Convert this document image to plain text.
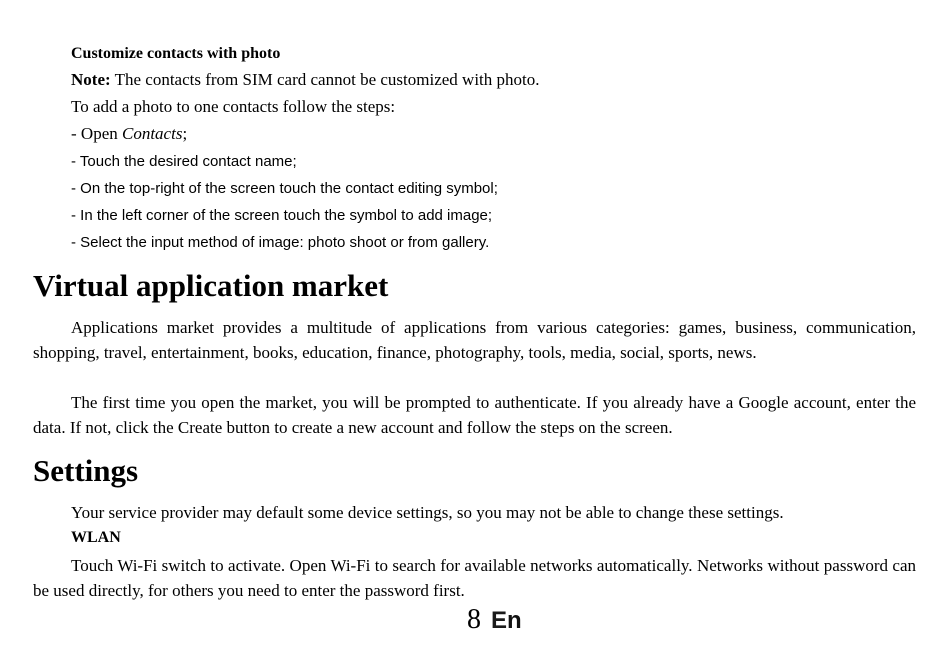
Customize contacts with photo
Note: The contacts from SIM card cannot be customized with photo.
To add a photo to one contacts follow the steps:
- Open Contacts;
- Touch the desired contact name;
- On the top-right of the screen touch the contact editing symbol;
- In the left corner of the screen touch the symbol to add image;
- Select the input method of image: photo shoot or from gallery.
Virtual application market
Applications market provides a multitude of applications from various categories: games, business, communication, shopping, travel, entertainment, books, education, finance, photography, tools, media, social, sports, news.
The first time you open the market, you will be prompted to authenticate. If you already have a Google account, enter the data. If not, click the Create button to create a new account and follow the steps on the screen.
Settings
Your service provider may default some device settings, so you may not be able to change these settings.
WLAN
Touch Wi-Fi switch to activate. Open Wi-Fi to search for available networks automatically. Networks without password can be used directly, for others you need to enter the password first.
8 En
